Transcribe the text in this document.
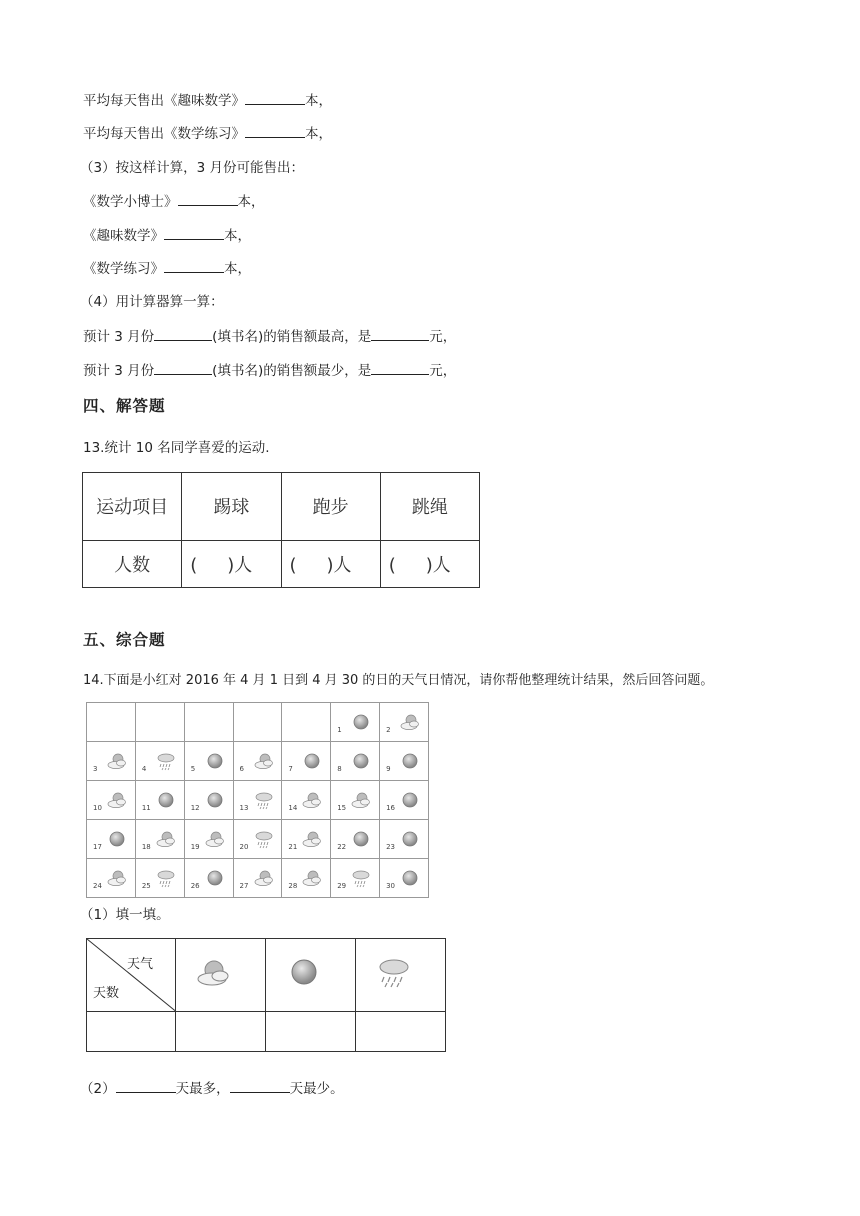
平均每天售出《趣味数学》	本，
平均每天售出《数学练习》	本，
（3）按这样计算，3 月份可能售出：
《数学小博士》	本，
《趣味数学》	本，
《数学练习》	本，
（4）用计算器算一算：
预计 3 月份	(填书名)的销售额最高，是	元，
预计 3 月份	(填书名)的销售额最少，是	元，
四、解答题
13.统计 10 名同学喜爱的运动.
运动项目	踢球	跑步	跳绳
人数	( )人	( )人	( )人
五、综合题
14.下面是小红对 2016 年 4 月 1 日到 4 月 30 的日的天气日情况，请你帮他整理统计结果，然后回答问题。

					1	2

3	4	5	6	7	8	9

10	11	12	13	14	15	16

17	18	19	20	21	22	23

24	25	26	27	28	29	30
（1）填一填。
天气
天数

（2）	天最多，	天最少。
